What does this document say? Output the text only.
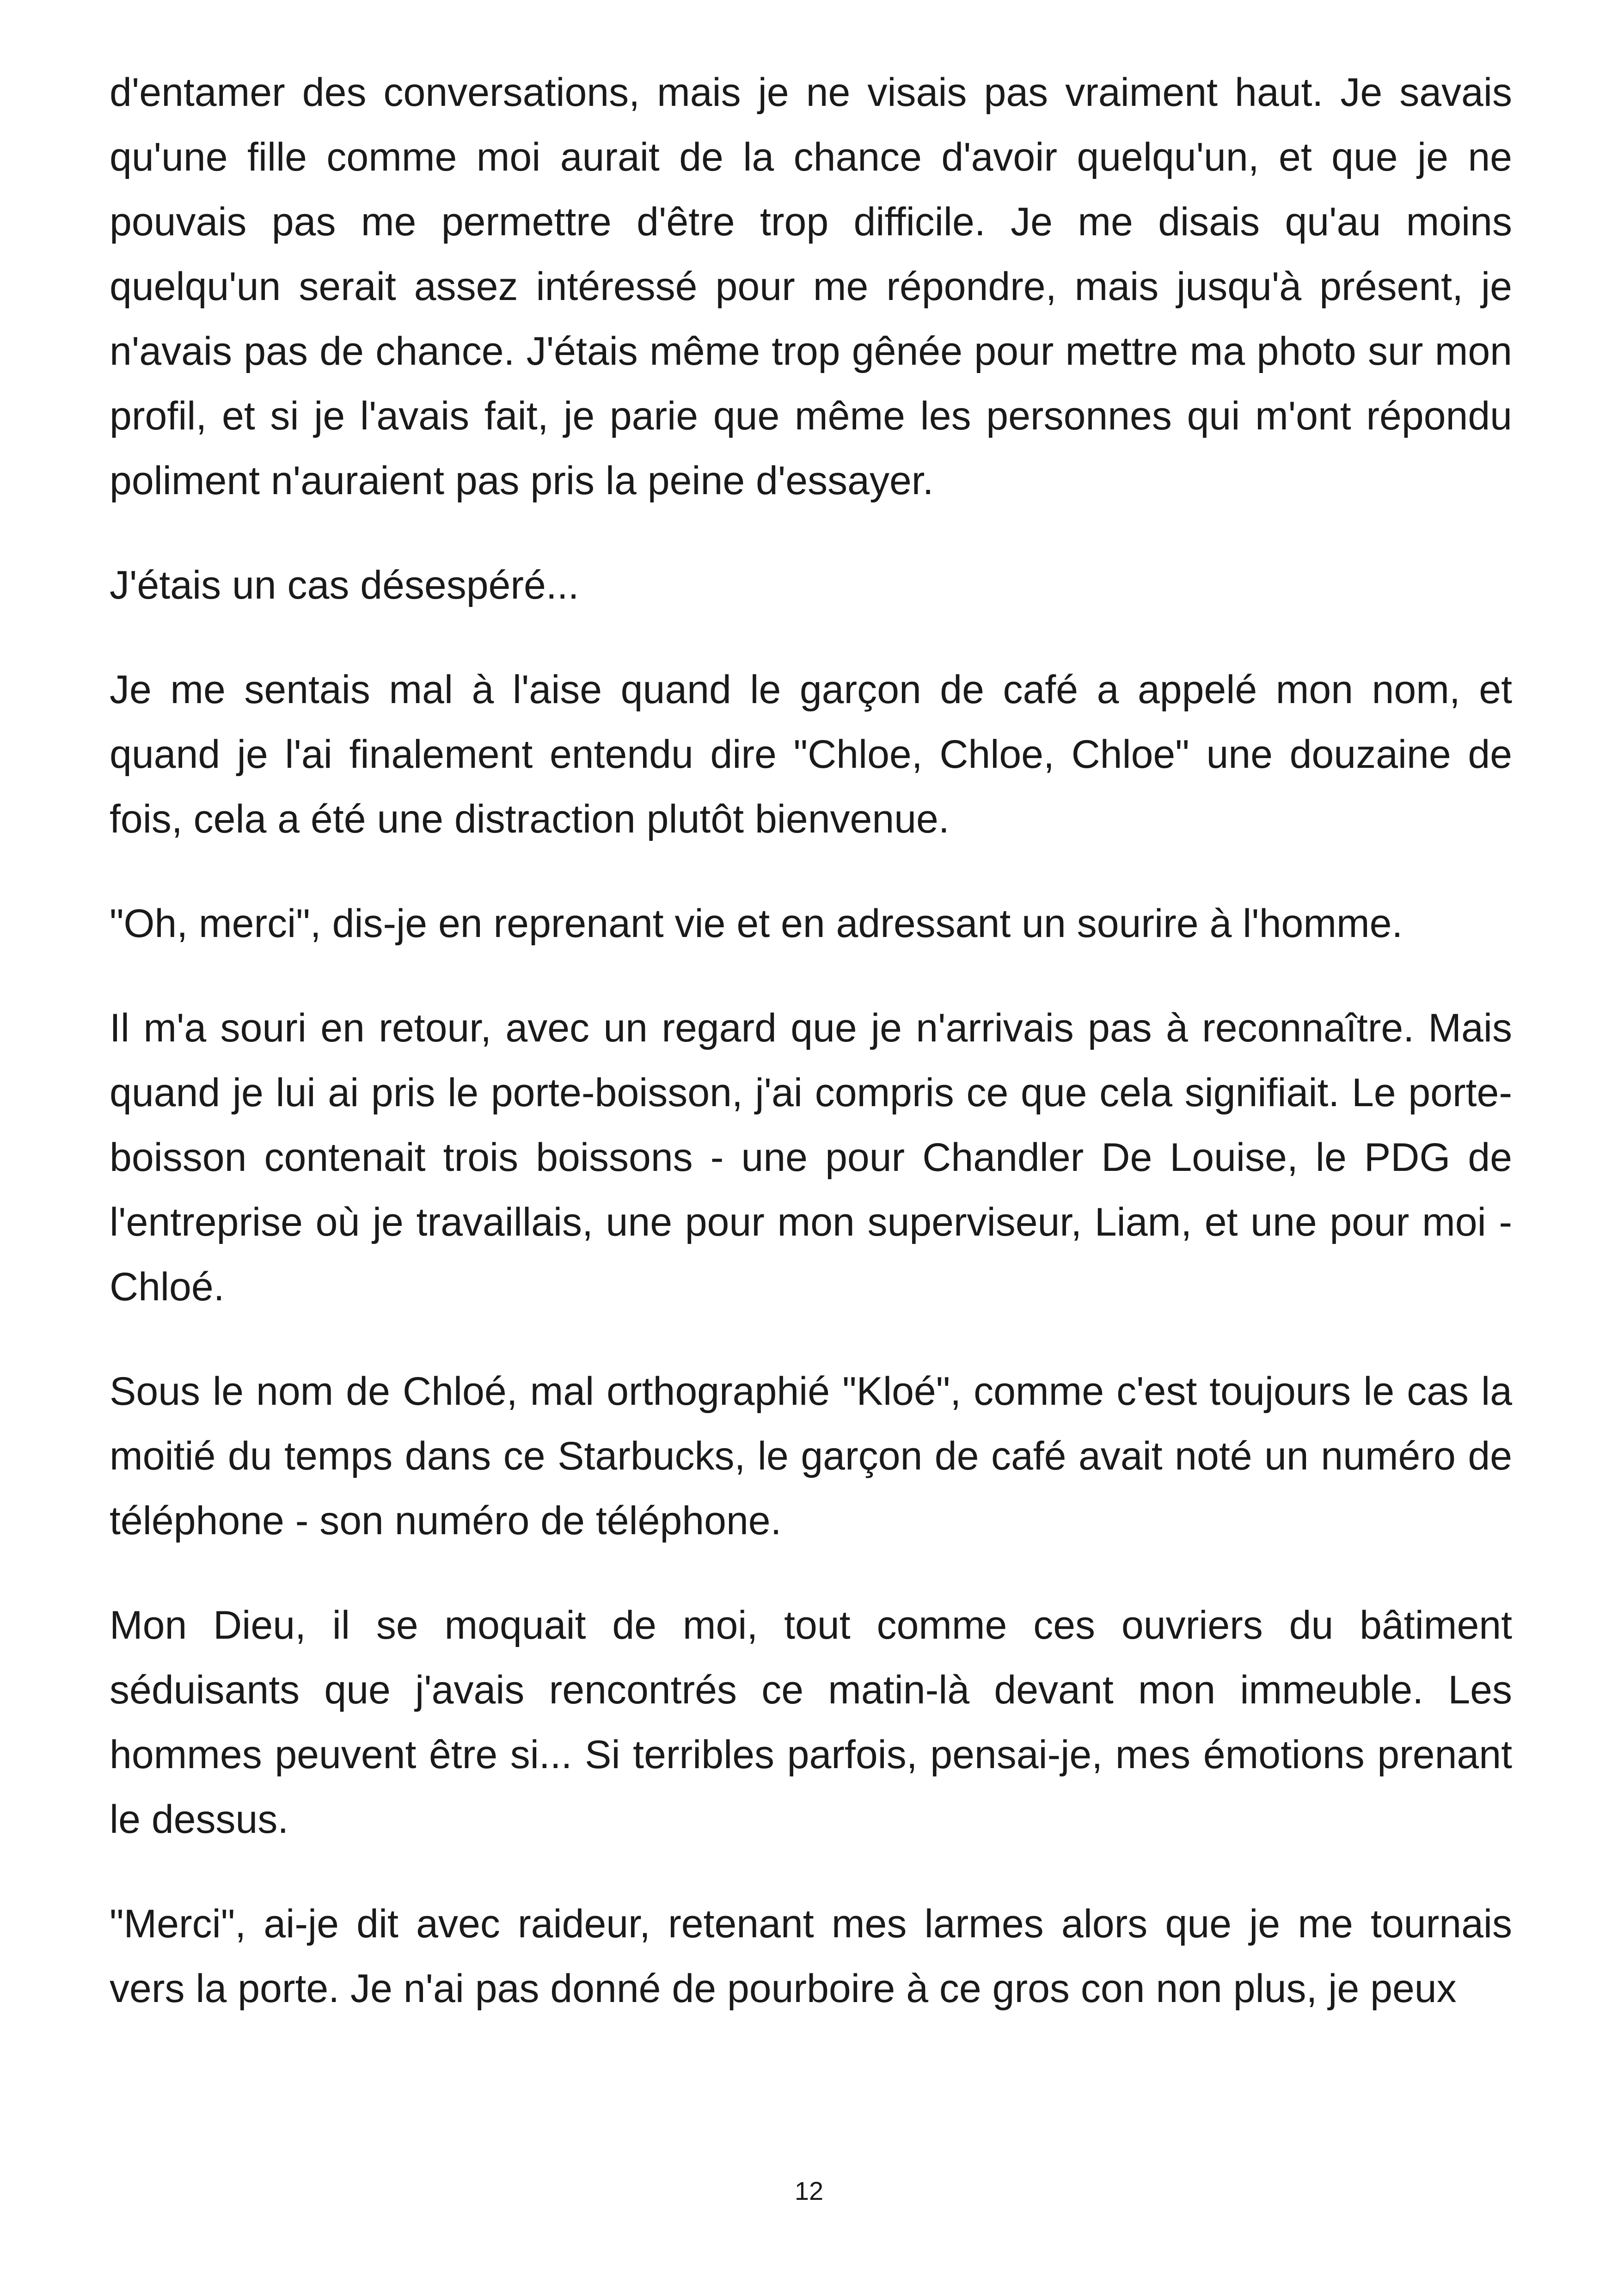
d'entamer des conversations, mais je ne visais pas vraiment haut. Je savais qu'une fille comme moi aurait de la chance d'avoir quelqu'un, et que je ne pouvais pas me permettre d'être trop difficile. Je me disais qu'au moins quelqu'un serait assez intéressé pour me répondre, mais jusqu'à présent, je n'avais pas de chance. J'étais même trop gênée pour mettre ma photo sur mon profil, et si je l'avais fait, je parie que même les personnes qui m'ont répondu poliment n'auraient pas pris la peine d'essayer.

J'étais un cas désespéré...

Je me sentais mal à l'aise quand le garçon de café a appelé mon nom, et quand je l'ai finalement entendu dire "Chloe, Chloe, Chloe" une douzaine de fois, cela a été une distraction plutôt bienvenue.

"Oh, merci", dis-je en reprenant vie et en adressant un sourire à l'homme.

Il m'a souri en retour, avec un regard que je n'arrivais pas à reconnaître. Mais quand je lui ai pris le porte-boisson, j'ai compris ce que cela signifiait. Le porte-boisson contenait trois boissons - une pour Chandler De Louise, le PDG de l'entreprise où je travaillais, une pour mon superviseur, Liam, et une pour moi - Chloé.

Sous le nom de Chloé, mal orthographié "Kloé", comme c'est toujours le cas la moitié du temps dans ce Starbucks, le garçon de café avait noté un numéro de téléphone - son numéro de téléphone.

Mon Dieu, il se moquait de moi, tout comme ces ouvriers du bâtiment séduisants que j'avais rencontrés ce matin-là devant mon immeuble. Les hommes peuvent être si... Si terribles parfois, pensai-je, mes émotions prenant le dessus.

"Merci", ai-je dit avec raideur, retenant mes larmes alors que je me tournais vers la porte. Je n'ai pas donné de pourboire à ce gros con non plus, je peux

12
